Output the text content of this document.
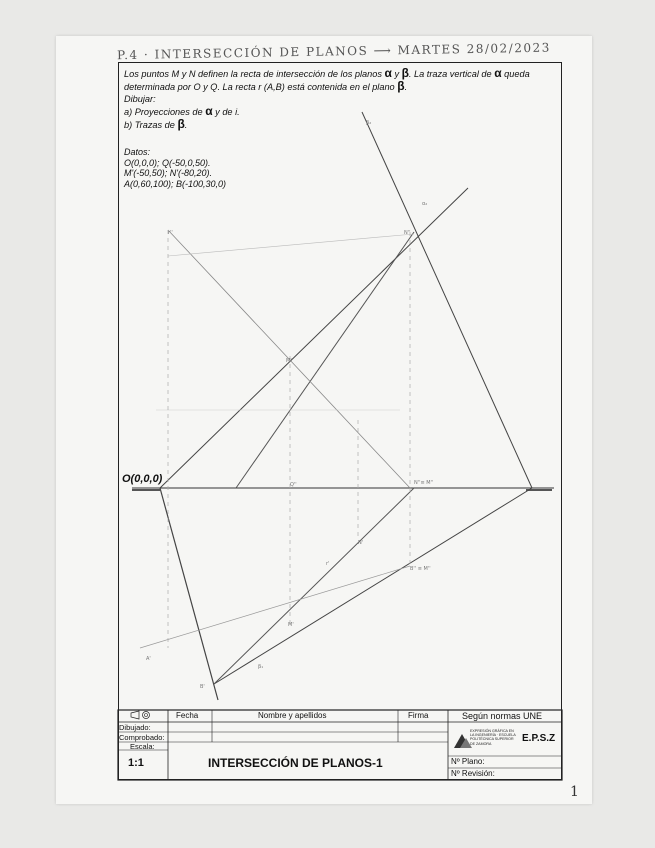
P.4 · INTERSECCIÓN DE PLANOS ⟶ MARTES 28/02/2023

Los puntos M y N definen la recta de intersección de los planos α y β. La traza vertical de α queda

determinada por O y Q. La recta r (A,B) está contenida en el plano β.

Dibujar:

a) Proyecciones de α y de i.

b) Trazas de β.

Datos:
O(0,0,0); Q(-50,0,50).
M'(-50,50); N'(-80,20).
A(0,60,100); B(-100,30,0)
O(0,0,0)
β₂
α₂
r''	N''
M''
Q''	N''≡ M''
B'' ≡ M''
N'
r'
M'
A'
β₁
B'
Fecha	Nombre y apellidos	Firma	Según normas UNE
Dibujado:
Comprobado:
Escala:
1:1	INTERSECCIÓN DE PLANOS-1	Nº Plano:
Nº Revisión:
EXPRESIÓN GRÁFICA EN LA INGENIERÍA · ESCUELA POLITÉCNICA SUPERIOR DE ZAMORA	E.P.S.Z
1
